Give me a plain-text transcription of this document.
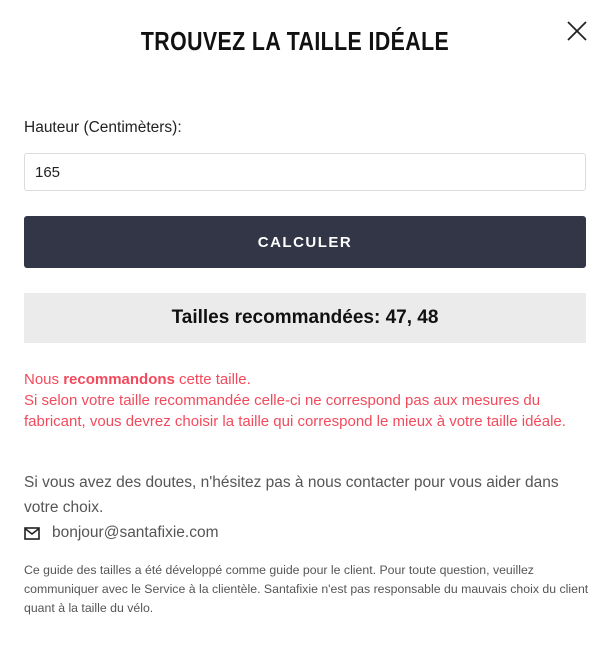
TROUVEZ LA TAILLE IDÉALE
Hauteur (Centimèters):
165
CALCULER
Tailles recommandées: 47, 48
Nous recommandons cette taille.
Si selon votre taille recommandée celle-ci ne correspond pas aux mesures du fabricant, vous devrez choisir la taille qui correspond le mieux à votre taille idéale.

Si vous avez des doutes, n'hésitez pas à nous contacter pour vous aider dans votre choix.

bonjour@santafixie.com

Ce guide des tailles a été développé comme guide pour le client. Pour toute question, veuillez communiquer avec le Service à la clientèle. Santafixie n'est pas responsable du mauvais choix du client quant à la taille du vélo.
